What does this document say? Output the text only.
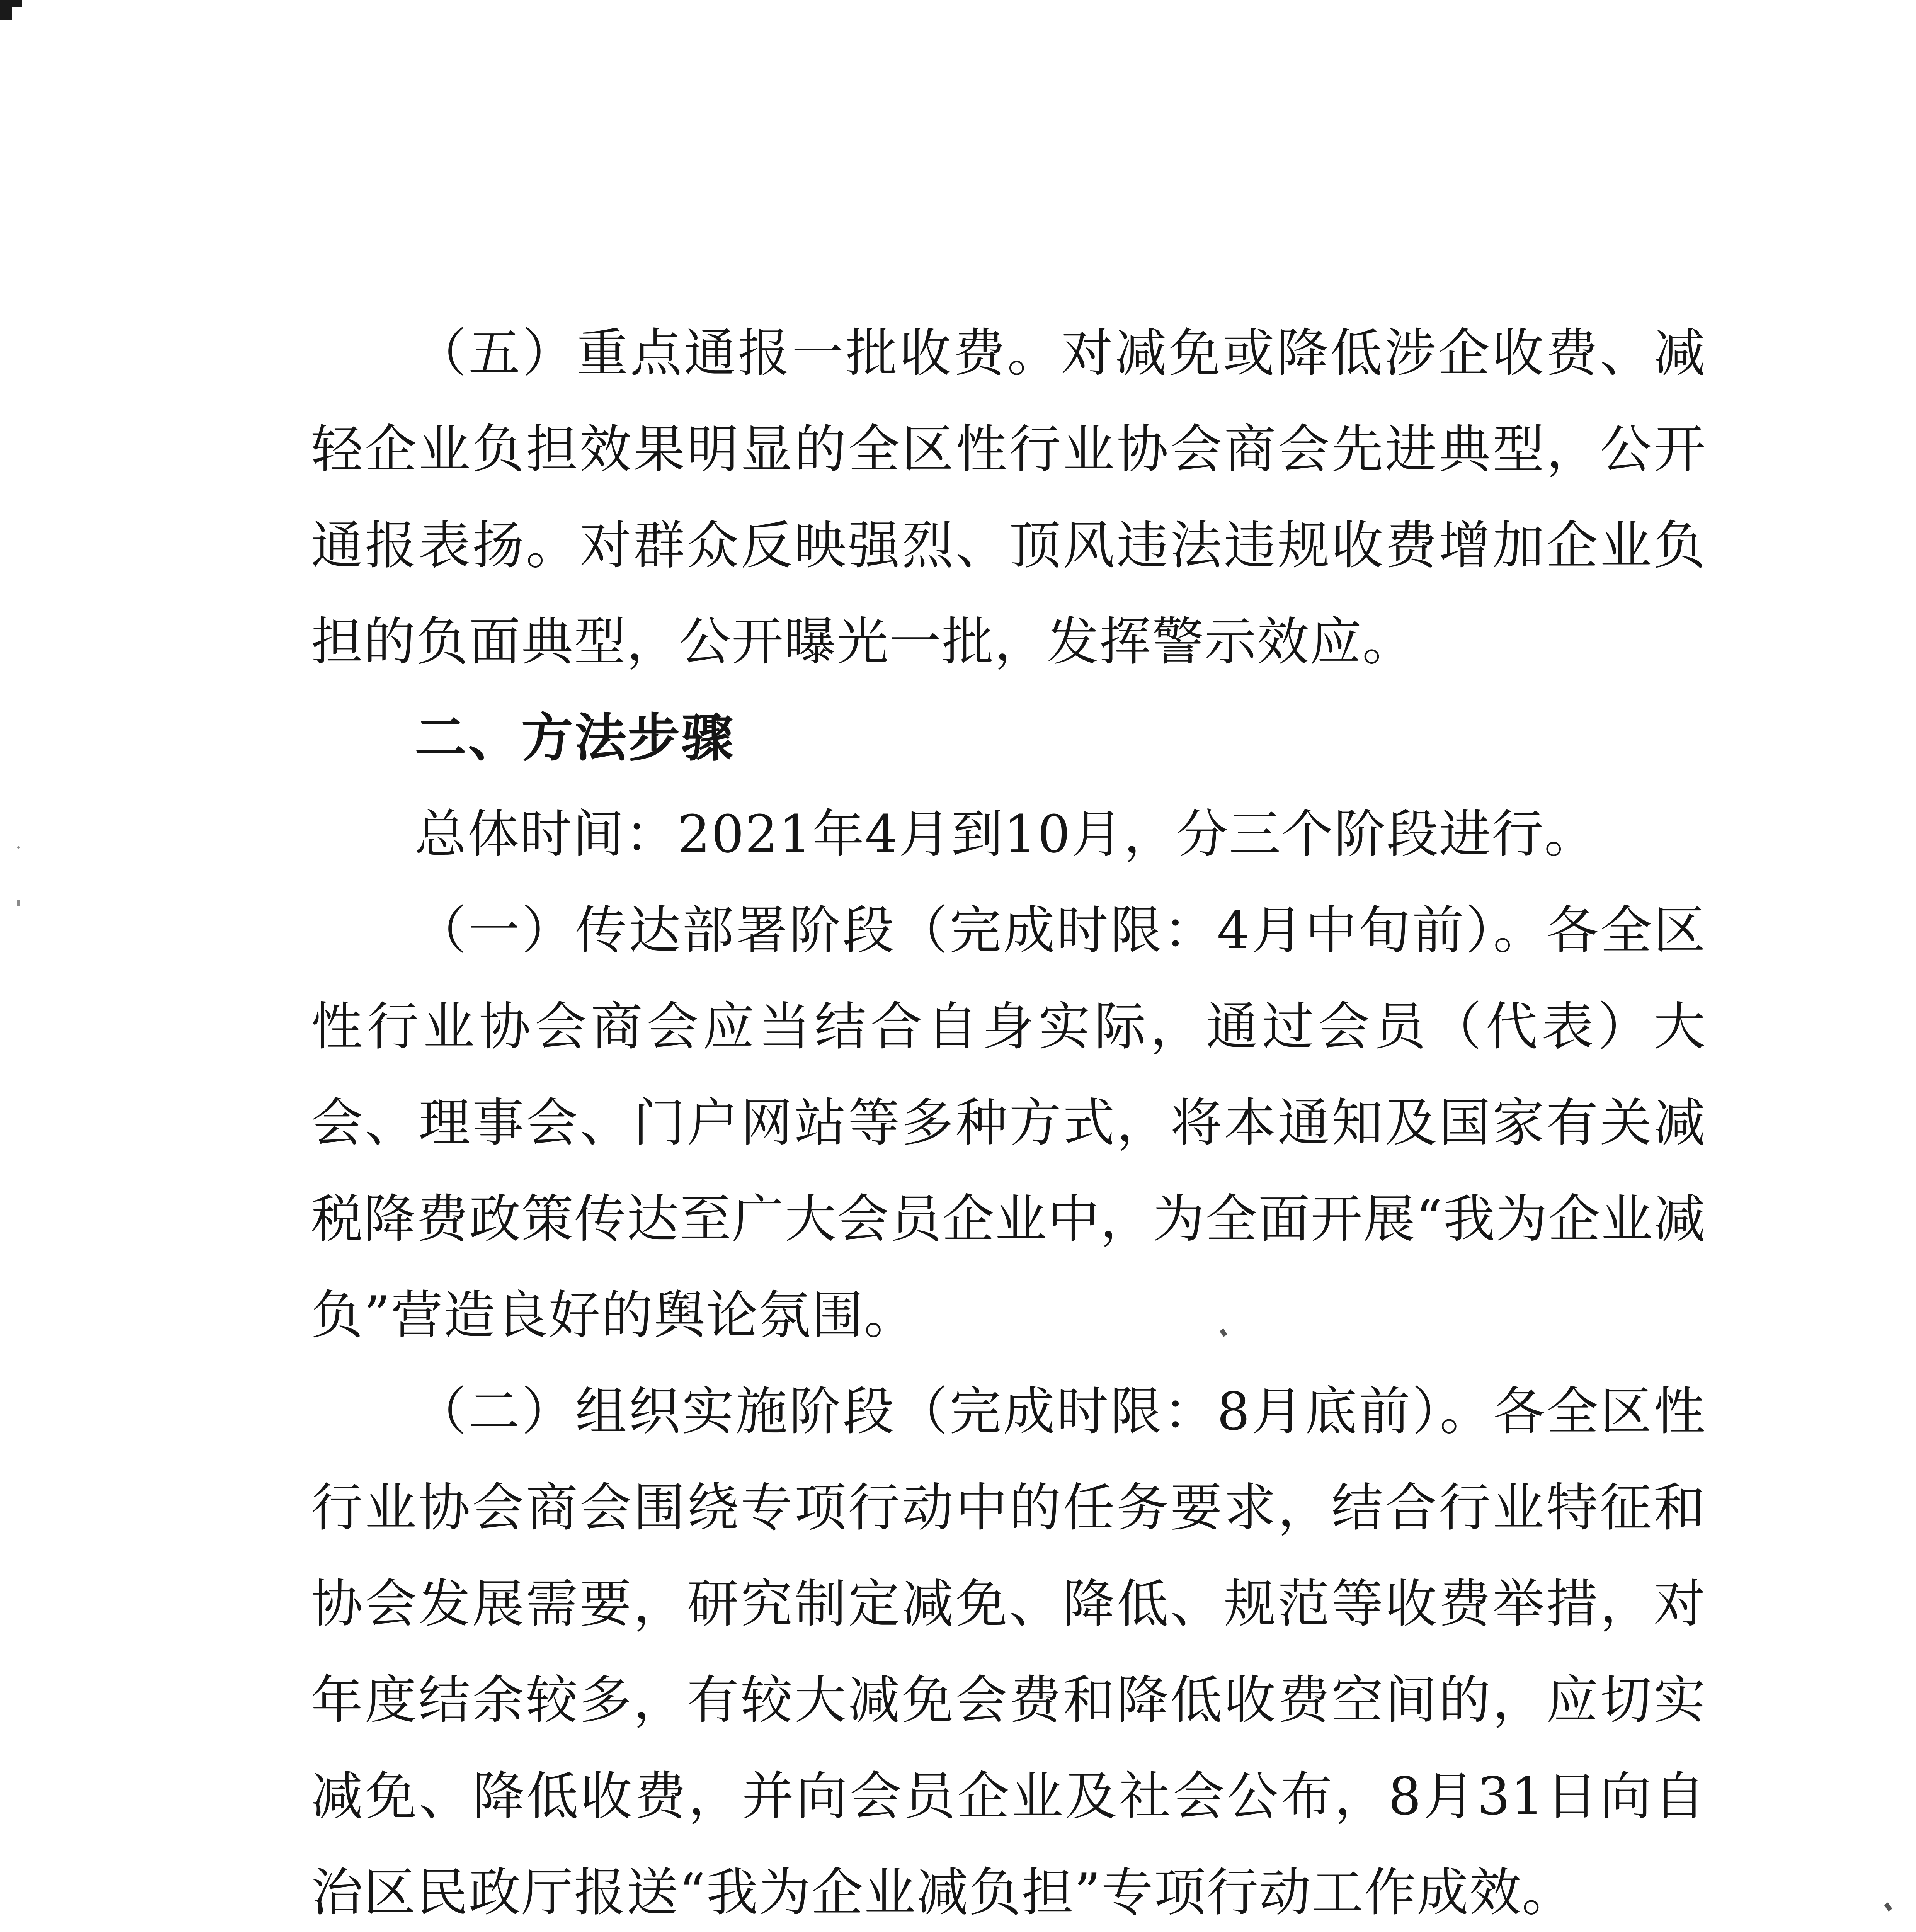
（五）重点通报一批收费。对减免或降低涉企收费、减轻企业负担效果明显的全区性行业协会商会先进典型，公开通报表扬。对群众反映强烈、顶风违法违规收费增加企业负担的负面典型，公开曝光一批，发挥警示效应。

二、方法步骤

总体时间：2021年4月到10月，分三个阶段进行。

（一）传达部署阶段（完成时限：4月中旬前）。各全区性行业协会商会应当结合自身实际，通过会员（代表）大会、理事会、门户网站等多种方式，将本通知及国家有关减税降费政策传达至广大会员企业中，为全面开展“我为企业减负”营造良好的舆论氛围。

（二）组织实施阶段（完成时限：8月底前）。各全区性行业协会商会围绕专项行动中的任务要求，结合行业特征和协会发展需要，研究制定减免、降低、规范等收费举措，对年度结余较多，有较大减免会费和降低收费空间的，应切实减免、降低收费，并向会员企业及社会公布，8月31日向自治区民政厅报送“我为企业减负担”专项行动工作成效。
